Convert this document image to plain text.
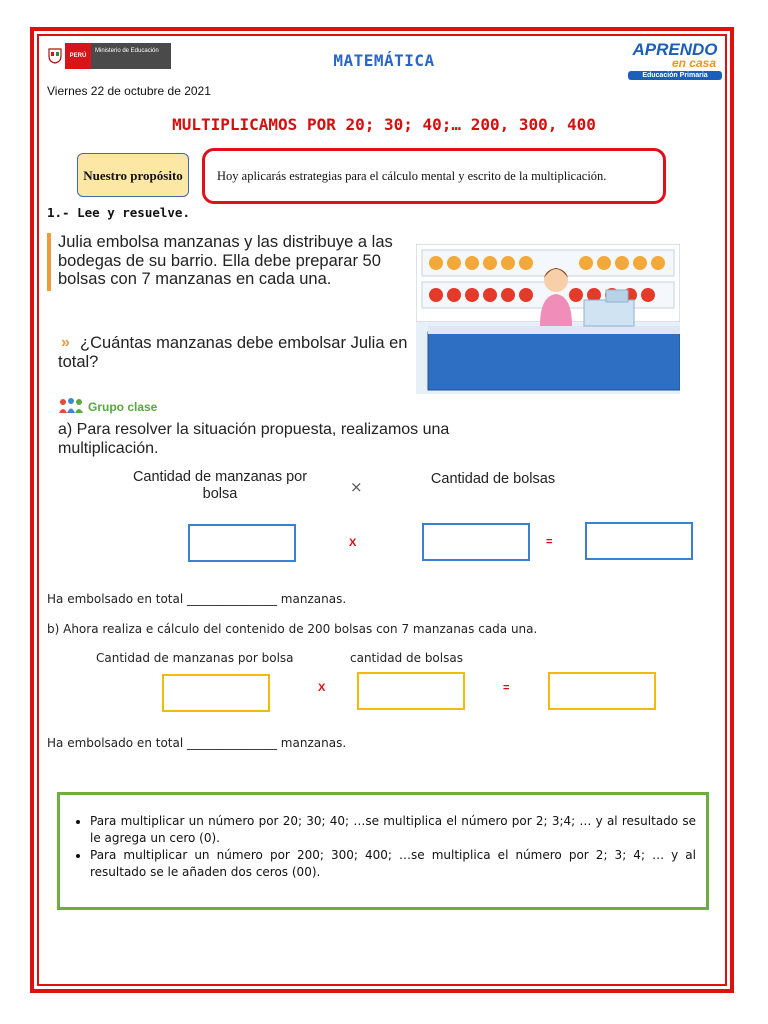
PERÚ
Ministerio de Educación	MATEMÁTICA
APRENDO
en casa
Educación Primaria
Viernes 22 de octubre de 2021
MULTIPLICAMOS POR 20; 30; 40;… 200, 300, 400
Nuestro propósito	Hoy aplicarás estrategias para el cálculo mental y escrito de la multiplicación.
1.- Lee y resuelve.
Julia embolsa manzanas y las distribuye a las bodegas de su barrio. Ella debe preparar 50 bolsas con 7 manzanas en cada una.
» ¿Cuántas manzanas debe embolsar Julia en total?
Grupo clase
a) Para resolver la situación propuesta, realizamos una multiplicación.
Cantidad de manzanas por bolsa	×	Cantidad de bolsas
X	=
Ha embolsado en total _______________ manzanas.
b) Ahora realiza e cálculo del contenido de 200 bolsas con 7 manzanas cada una.
Cantidad de manzanas por bolsa	cantidad de bolsas
X	=
Ha embolsado en total _______________ manzanas.
• Para multiplicar un número por 20; 30; 40; …se multiplica el número por 2; 3;4; … y al resultado se le agrega un cero (0).
• Para multiplicar un número por 200; 300; 400; …se multiplica el número por 2; 3; 4; … y al resultado se le añaden dos ceros (00).
